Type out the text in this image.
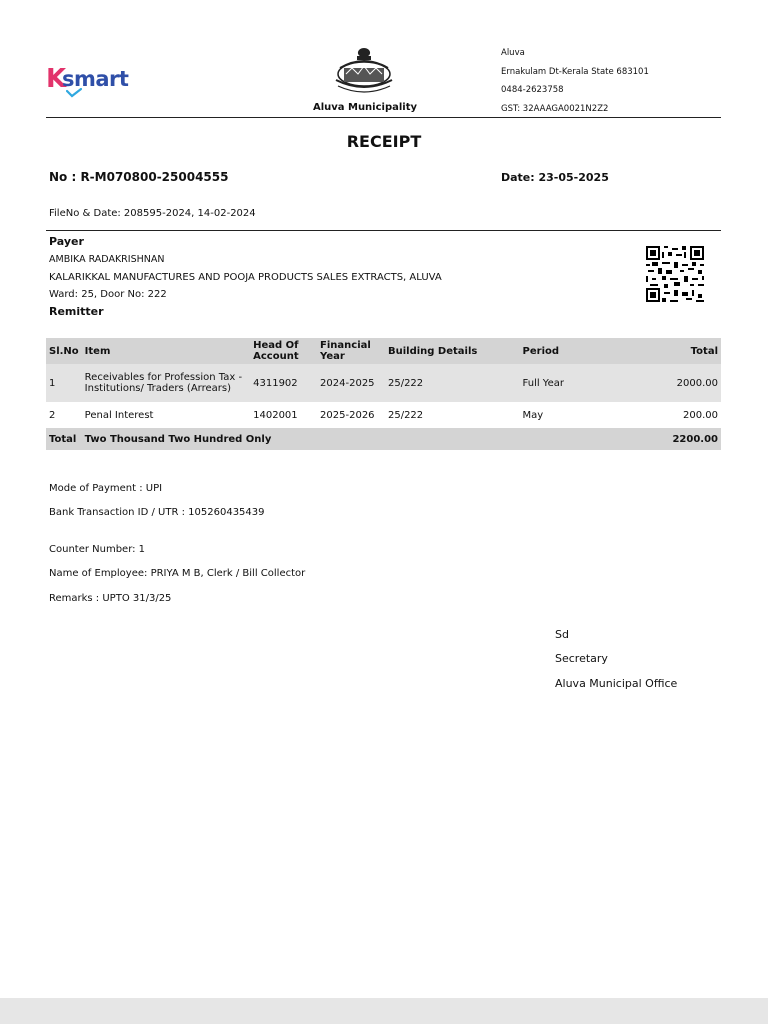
K
smart
Aluva Municipality
Aluva
Ernakulam Dt-Kerala State 683101
0484-2623758
GST: 32AAAGA0021N2Z2
RECEIPT
No : R-M070800-25004555	Date: 23-05-2025
FileNo & Date: 208595-2024, 14-02-2024
Payer
AMBIKA RADAKRISHNAN
KALARIKKAL MANUFACTURES AND POOJA PRODUCTS SALES EXTRACTS, ALUVA
Ward: 25, Door No: 222
Remitter
Sl.No	Item	Head Of Account	Financial Year	Building Details	Period	Total
1	Receivables for Profession Tax - Institutions/ Traders (Arrears)	4311902	2024-2025	25/222	Full Year	2000.00
2	Penal Interest	1402001	2025-2026	25/222	May	200.00
Total	Two Thousand Two Hundred Only					2200.00
Mode of Payment : UPI
Bank Transaction ID / UTR : 105260435439
Counter Number: 1
Name of Employee: PRIYA M B, Clerk / Bill Collector
Remarks : UPTO 31/3/25
Sd
Secretary
Aluva Municipal Office
